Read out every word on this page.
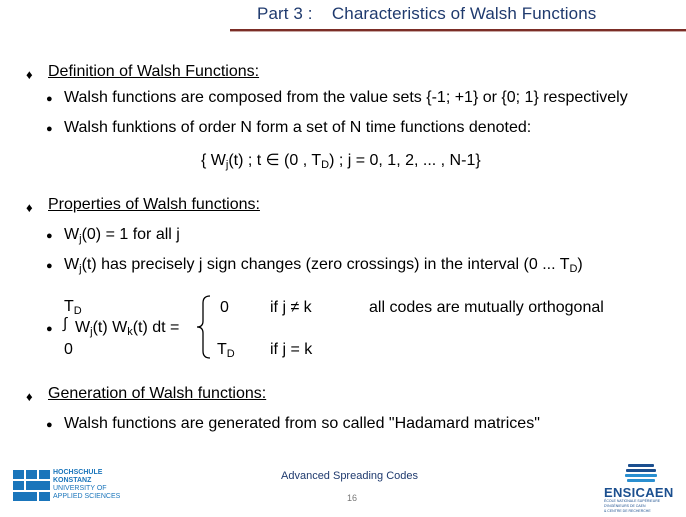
Part 3 :    Characteristics of Walsh Functions
♦ Definition of Walsh Functions:
● Walsh functions are composed from the value sets {-1; +1} or {0; 1} respectively
● Walsh funktions of order N form a set of N time functions denoted:
{ $W_j(t)$ ; t ∈ (0 , $T_D$) ; j = 0, 1, 2, ... , N-1}
♦ Properties of Walsh functions:
● $W_j(0) = 1$ for all j
● $W_j(t)$ has precisely j sign changes (zero crossings) in the interval (0 ... $T_D$)
$T_D$
● ∫ $W_j(t)$ $W_k(t)$ dt =
0
0	if j ≠ k	all codes are mutually orthogonal
$T_D$ if j = k
♦ Generation of Walsh functions:
● Walsh functions are generated from so called "Hadamard matrices"
HOCHSCHULE
KONSTANZ
UNIVERSITY OF
APPLIED SCIENCES
Advanced Spreading Codes
16	ENSICAEN
ÉCOLE NATIONALE SUPÉRIEURE D'INGÉNIEURS DE CAEN
& CENTRE DE RECHERCHE
